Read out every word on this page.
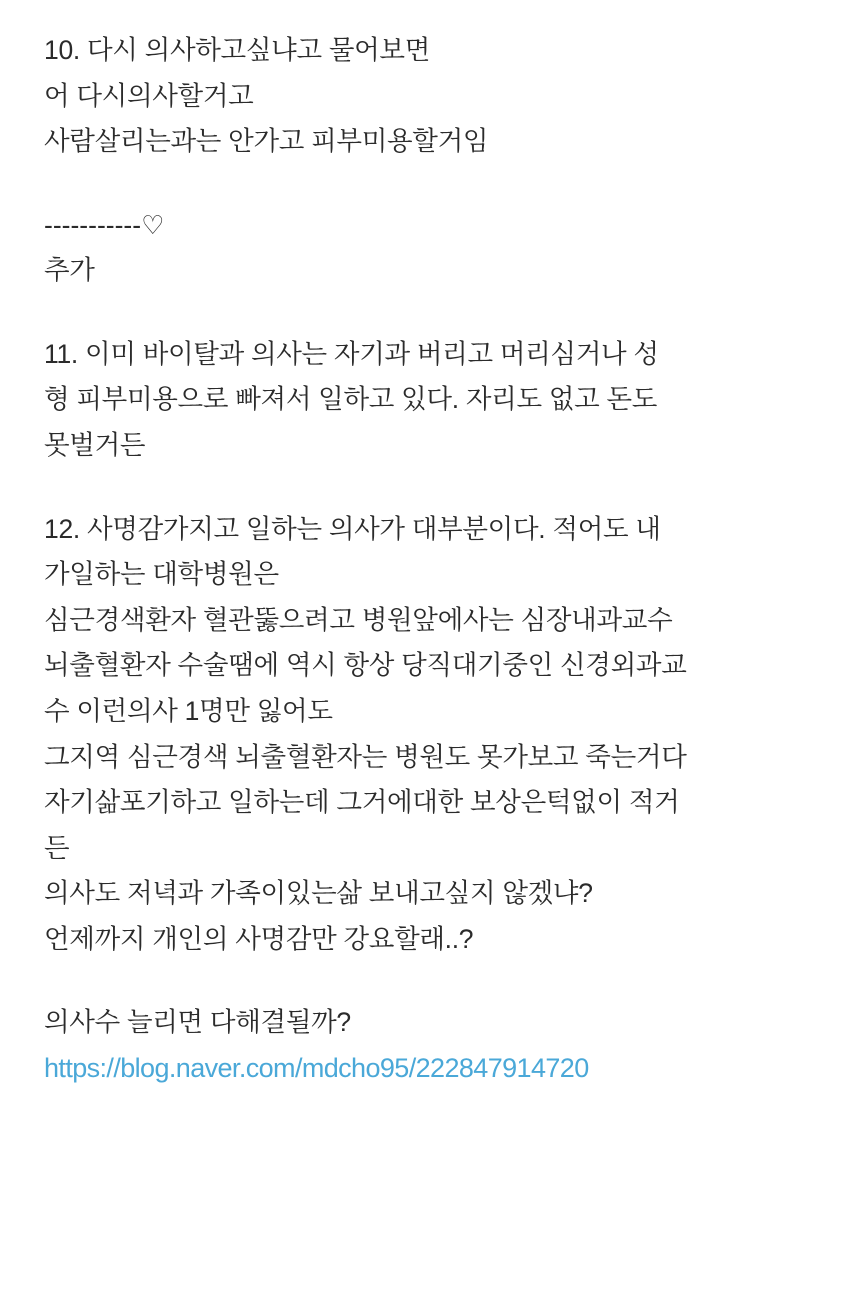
10. 다시 의사하고싶냐고 물어보면

어 다시의사할거고

사람살리는과는 안가고 피부미용할거임

-----------♡

추가

11. 이미 바이탈과 의사는 자기과 버리고 머리심거나 성

형 피부미용으로 빠져서 일하고 있다. 자리도 없고 돈도

못벌거든

12. 사명감가지고 일하는 의사가 대부분이다. 적어도 내

가일하는 대학병원은

심근경색환자 혈관뚫으려고 병원앞에사는 심장내과교수

뇌출혈환자 수술땜에 역시 항상 당직대기중인 신경외과교

수 이런의사 1명만 잃어도

그지역 심근경색 뇌출혈환자는 병원도 못가보고 죽는거다

자기삶포기하고 일하는데 그거에대한 보상은턱없이 적거

든

의사도 저녁과 가족이있는삶 보내고싶지 않겠냐?

언제까지 개인의 사명감만 강요할래..?

의사수 늘리면 다해결될까?

https://blog.naver.com/mdcho95/222847914720
